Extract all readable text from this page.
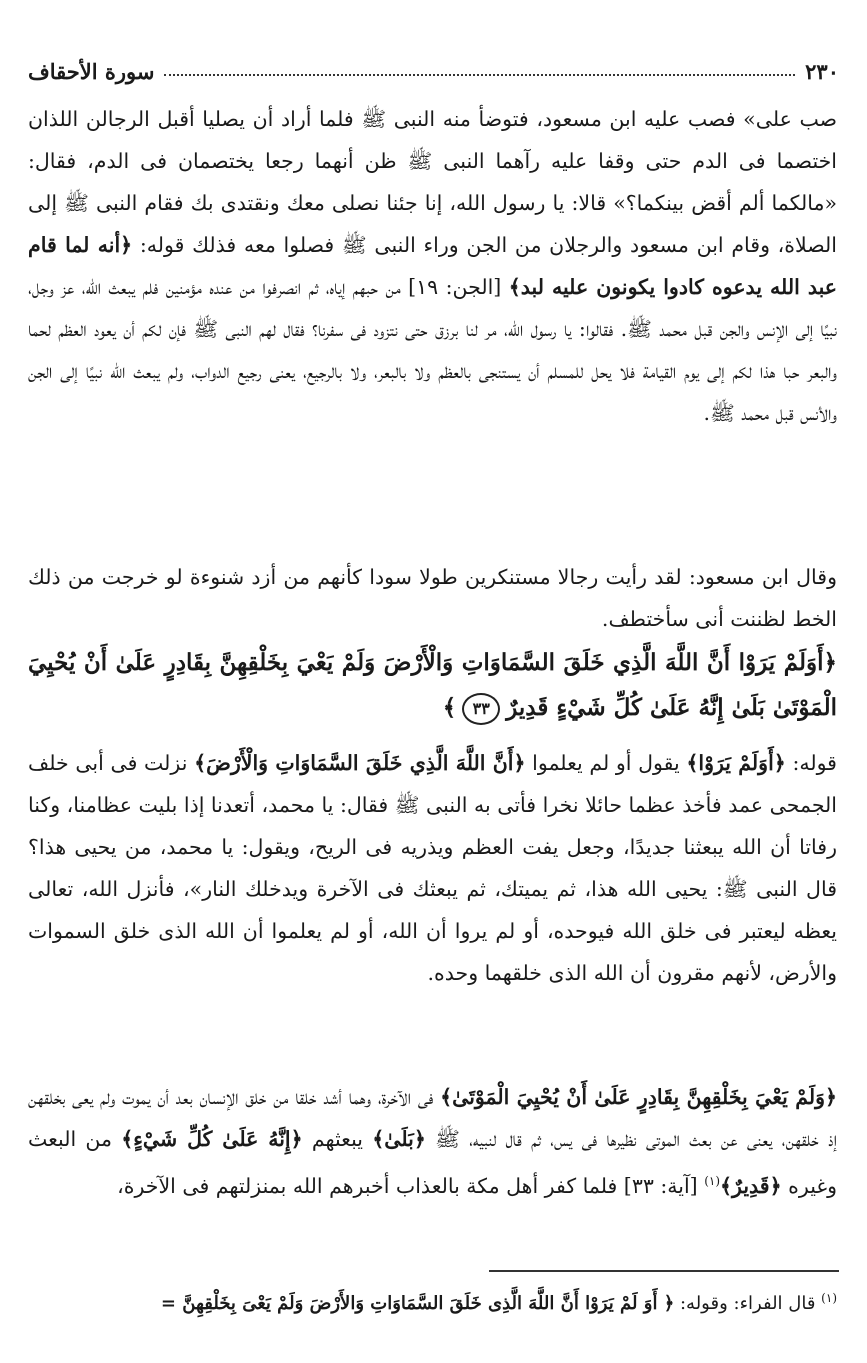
٢٣٠
سورة الأحقاف

صب على» فصب عليه ابن مسعود، فتوضأ منه النبى ﷺ فلما أراد أن يصليا أقبل الرجالن اللذان اختصما فى الدم حتى وقفا عليه رآهما النبى ﷺ ظن أنهما رجعا يختصمان فى الدم، فقال: «مالكما ألم أقض بينكما؟» قالا: يا رسول الله، إنا جئنا نصلى معك ونقتدى بك فقام النبى ﷺ إلى الصلاة، وقام ابن مسعود والرجلان من الجن وراء النبى ﷺ فصلوا معه فذلك قوله: ﴿أنه لما قام عبد الله يدعوه كادوا يكونون عليه لبد﴾ [الجن: ١٩] من حبهم إياه، ثم انصرفوا من عنده مؤمنين فلم يبعث الله، عز وجل، نبيًا إلى الإنس والجن قبل محمد ﷺ. فقالوا: يا رسول الله، مر لنا برزق حتى نتزود فى سفرنا؟ فقال لهم النبى ﷺ فإن لكم أن يعود العظم لحما والبعر حبا هذا لكم إلى يوم القيامة فلا يحل للمسلم أن يستنجى بالعظم ولا بالبعر، ولا بالرجيع، يعنى رجيع الدواب، ولم يبعث الله نبيًا إلى الجن والأنس قبل محمد ﷺ.

وقال ابن مسعود: لقد رأيت رجالا مستنكرين طولا سودا كأنهم من أزد شنوءة لو خرجت من ذلك الخط لظننت أنى سأختطف.

﴿أَوَلَمْ يَرَوْا أَنَّ اللَّهَ الَّذِي خَلَقَ السَّمَاوَاتِ وَالْأَرْضَ وَلَمْ يَعْيَ بِخَلْقِهِنَّ بِقَادِرٍ عَلَىٰ أَنْ يُحْيِيَ الْمَوْتَىٰ بَلَىٰ إِنَّهُ عَلَىٰ كُلِّ شَيْءٍ قَدِيرٌ٣٣﴾

قوله: ﴿أَوَلَمْ يَرَوْا﴾ يقول أو لم يعلموا ﴿أَنَّ اللَّهَ الَّذِي خَلَقَ السَّمَاوَاتِ وَالْأَرْضَ﴾ نزلت فى أبى خلف الجمحى عمد فأخذ عظما حائلا نخرا فأتى به النبى ﷺ فقال: يا محمد، أتعدنا إذا بليت عظامنا، وكنا رفاتا أن الله يبعثنا جديدًا، وجعل يفت العظم ويذريه فى الريح، ويقول: يا محمد، من يحيى هذا؟ قال النبى ﷺ: يحيى الله هذا، ثم يميتك، ثم يبعثك فى الآخرة ويدخلك النار»، فأنزل الله، تعالى يعظه ليعتبر فى خلق الله فيوحده، أو لم يروا أن الله، أو لم يعلموا أن الله الذى خلق السموات والأرض، لأنهم مقرون أن الله الذى خلقهما وحده.

﴿وَلَمْ يَعْيَ بِخَلْقِهِنَّ بِقَادِرٍ عَلَىٰ أَنْ يُحْيِيَ الْمَوْتَىٰ﴾ فى الآخرة، وهما أشد خلقا من خلق الإنسان بعد أن يموت ولم يعى بخلقهن إذ خلقهن، يعنى عن بعث الموتى نظيرها فى يس، ثم قال لنبيه، ﷺ ﴿بَلَىٰ﴾ يبعثهم ﴿إِنَّهُ عَلَىٰ كُلِّ شَيْءٍ﴾ من البعث وغيره ﴿قَدِيرٌ﴾$^{(١)}$ [آية: ٣٣] فلما كفر أهل مكة بالعذاب أخبرهم الله بمنزلتهم فى الآخرة،

$^{(١)}$ قال الفراء: وقوله: ﴿ أَوَ لَمْ يَرَوْا أَنَّ اللَّهَ الَّذِى خَلَقَ السَّمَاوَاتِ وَالأَرْضَ وَلَمْ يَعْىَ بِخَلْقِهِنَّ =
